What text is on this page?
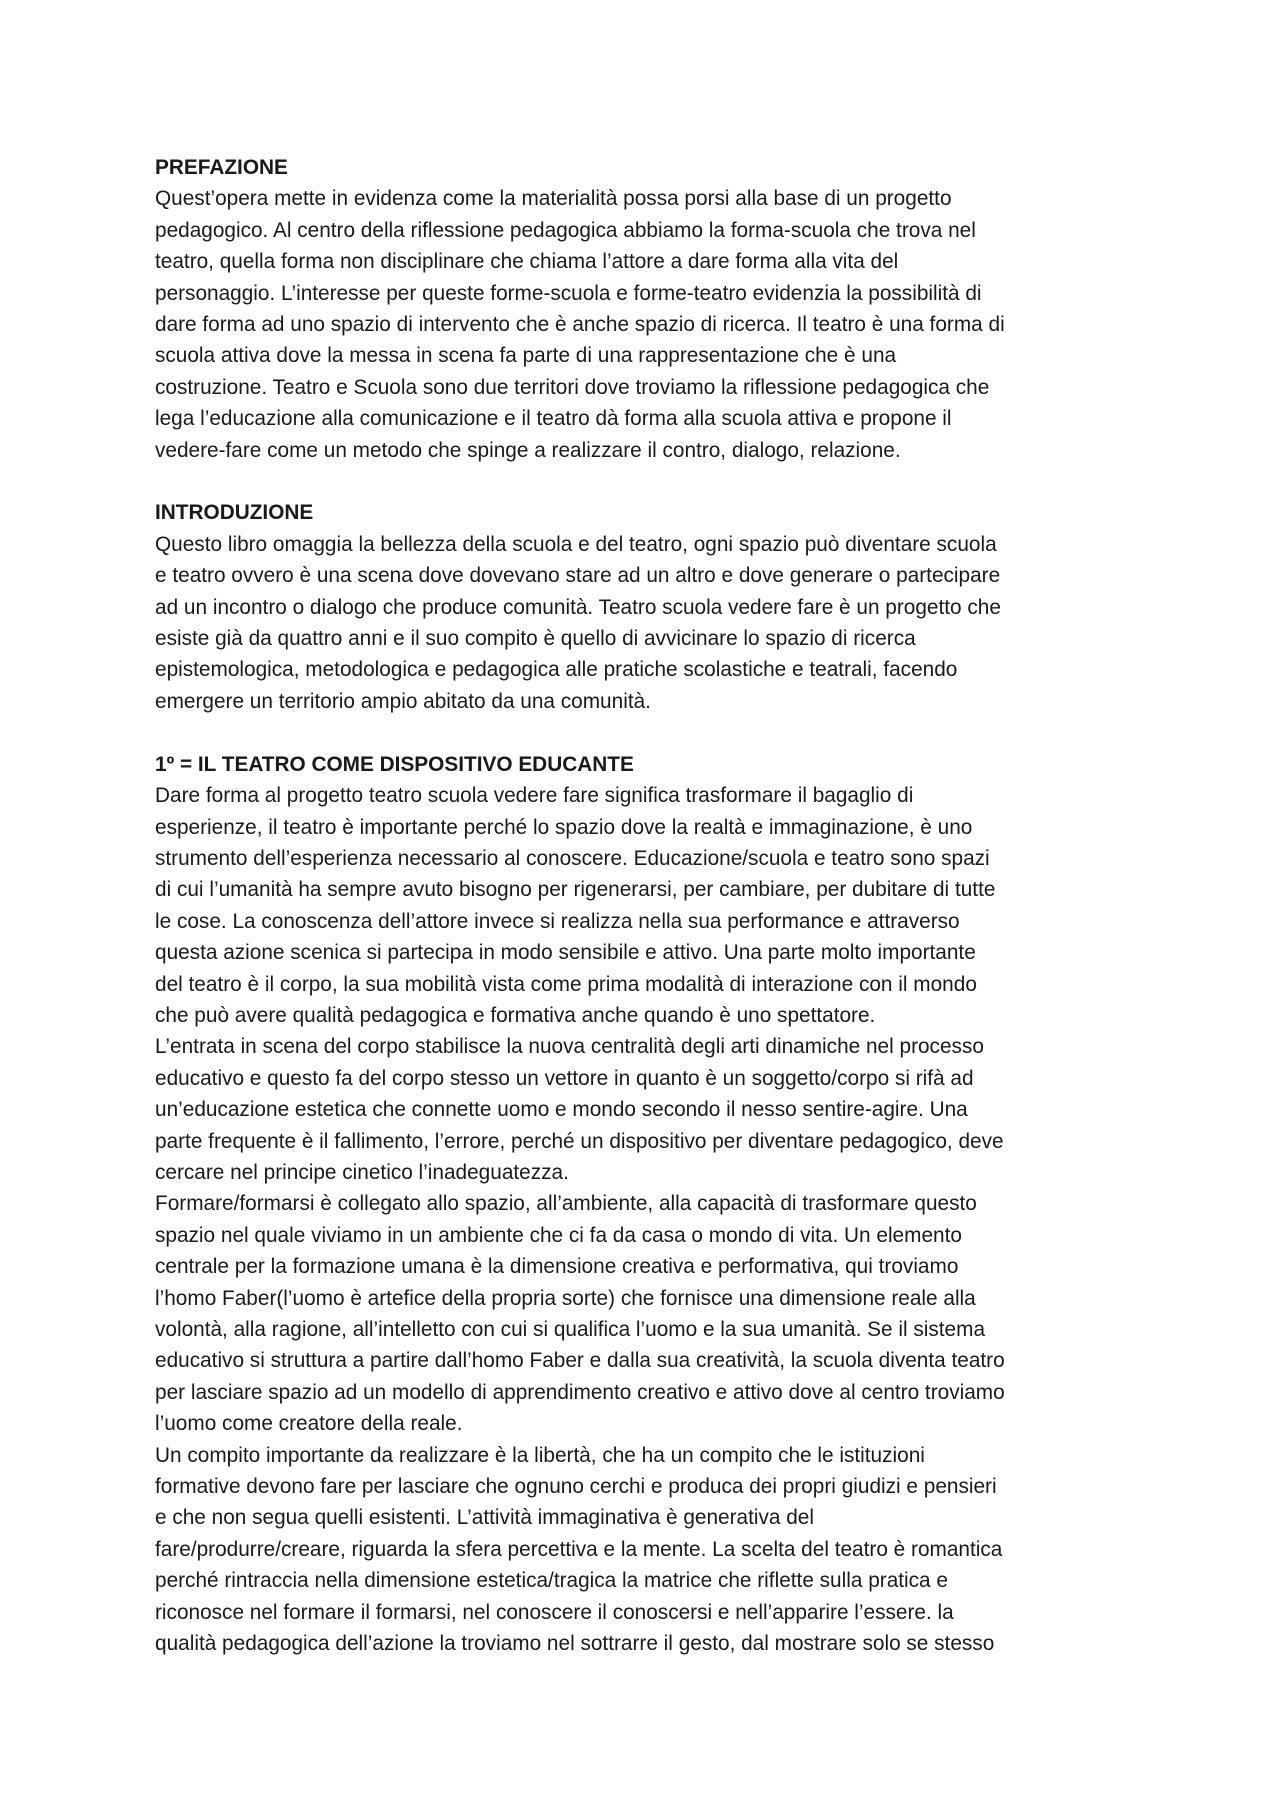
PREFAZIONE

Quest’opera mette in evidenza come la materialità possa porsi alla base di un progetto
pedagogico. Al centro della riflessione pedagogica abbiamo la forma-scuola che trova nel
teatro, quella forma non disciplinare che chiama l’attore a dare forma alla vita del
personaggio. L’interesse per queste forme-scuola e forme-teatro evidenzia la possibilità di
dare forma ad uno spazio di intervento che è anche spazio di ricerca. Il teatro è una forma di
scuola attiva dove la messa in scena fa parte di una rappresentazione che è una
costruzione. Teatro e Scuola sono due territori dove troviamo la riflessione pedagogica che
lega l’educazione alla comunicazione e il teatro dà forma alla scuola attiva e propone il
vedere-fare come un metodo che spinge a realizzare il contro, dialogo, relazione.

INTRODUZIONE

Questo libro omaggia la bellezza della scuola e del teatro, ogni spazio può diventare scuola
e teatro ovvero è una scena dove dovevano stare ad un altro e dove generare o partecipare
ad un incontro o dialogo che produce comunità. Teatro scuola vedere fare è un progetto che
esiste già da quattro anni e il suo compito è quello di avvicinare lo spazio di ricerca
epistemologica, metodologica e pedagogica alle pratiche scolastiche e teatrali, facendo
emergere un territorio ampio abitato da una comunità.

1º = IL TEATRO COME DISPOSITIVO EDUCANTE

Dare forma al progetto teatro scuola vedere fare significa trasformare il bagaglio di
esperienze, il teatro è importante perché lo spazio dove la realtà e immaginazione, è uno
strumento dell’esperienza necessario al conoscere. Educazione/scuola e teatro sono spazi
di cui l’umanità ha sempre avuto bisogno per rigenerarsi, per cambiare, per dubitare di tutte
le cose. La conoscenza dell’attore invece si realizza nella sua performance e attraverso
questa azione scenica si partecipa in modo sensibile e attivo. Una parte molto importante
del teatro è il corpo, la sua mobilità vista come prima modalità di interazione con il mondo
che può avere qualità pedagogica e formativa anche quando è uno spettatore.
L’entrata in scena del corpo stabilisce la nuova centralità degli arti dinamiche nel processo
educativo e questo fa del corpo stesso un vettore in quanto è un soggetto/corpo si rifà ad
un’educazione estetica che connette uomo e mondo secondo il nesso sentire-agire. Una
parte frequente è il fallimento, l’errore, perché un dispositivo per diventare pedagogico, deve
cercare nel principe cinetico l’inadeguatezza.
Formare/formarsi è collegato allo spazio, all’ambiente, alla capacità di trasformare questo
spazio nel quale viviamo in un ambiente che ci fa da casa o mondo di vita. Un elemento
centrale per la formazione umana è la dimensione creativa e performativa, qui troviamo
l’homo Faber(l’uomo è artefice della propria sorte) che fornisce una dimensione reale alla
volontà, alla ragione, all’intelletto con cui si qualifica l’uomo e la sua umanità. Se il sistema
educativo si struttura a partire dall’homo Faber e dalla sua creatività, la scuola diventa teatro
per lasciare spazio ad un modello di apprendimento creativo e attivo dove al centro troviamo
l’uomo come creatore della reale.
Un compito importante da realizzare è la libertà, che ha un compito che le istituzioni
formative devono fare per lasciare che ognuno cerchi e produca dei propri giudizi e pensieri
e che non segua quelli esistenti. L’attività immaginativa è generativa del
fare/produrre/creare, riguarda la sfera percettiva e la mente. La scelta del teatro è romantica
perché rintraccia nella dimensione estetica/tragica la matrice che riflette sulla pratica e
riconosce nel formare il formarsi, nel conoscere il conoscersi e nell’apparire l’essere. la
qualità pedagogica dell’azione la troviamo nel sottrarre il gesto, dal mostrare solo se stesso
